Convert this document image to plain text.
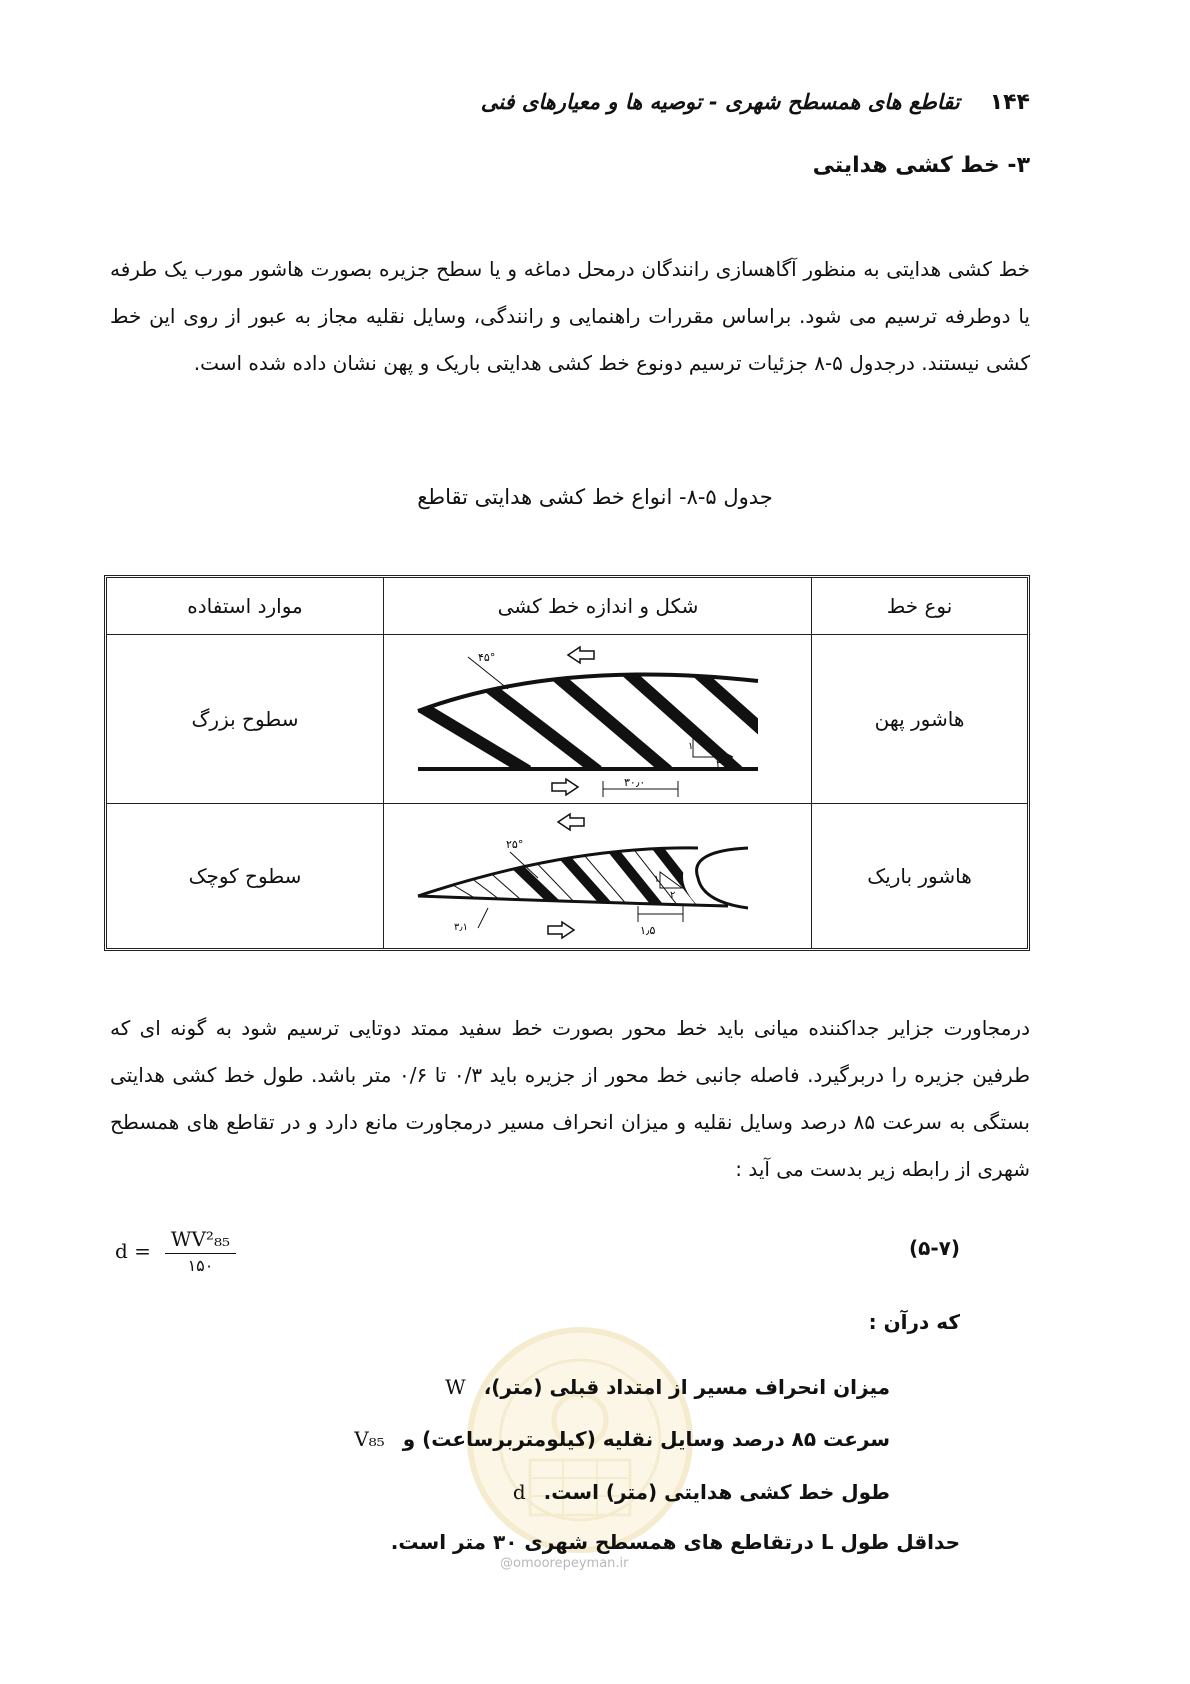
۱۴۴
تقاطع های همسطح شهری - توصیه ها و معیارهای فنی
۳- خط کشی هدایتی
خط کشی هدایتی به منظور آگاهسازی رانندگان درمحل دماغه و یا سطح جزیره بصورت هاشور مورب یک طرفه یا دوطرفه ترسیم می شود. براساس مقررات راهنمایی و رانندگی، وسایل نقلیه مجاز به عبور از روی این خط کشی نیستند. درجدول ۵-۸ جزئیات ترسیم دونوع خط کشی هدایتی باریک و پهن نشان داده شده است.
جدول ۵-۸- انواع خط کشی هدایتی تقاطع
نوع خط
شکل و اندازه خط کشی
موارد استفاده
هاشور پهن
۱
۲
۴۵°
۳۰٫۰
سطوح بزرگ
هاشور باریک
۱
۲
۲۵°
۳٫۱	۱٫۵
سطوح کوچک
درمجاورت جزایر جداکننده میانی باید خط محور بصورت خط سفید ممتد دوتایی ترسیم شود به گونه ای که طرفین جزیره را دربرگیرد. فاصله جانبی خط محور از جزیره باید ۰/۳ تا ۰/۶ متر باشد. طول خط کشی هدایتی بستگی به سرعت ۸۵ درصد وسایل نقلیه و میزان انحراف مسیر درمجاورت مانع دارد و در تقاطع های همسطح شهری از رابطه زیر بدست می آید :
$d = \frac{\text{WV²₈₅}}{۱۵۰}$	(۵-۷)
که درآن :
میزان انحراف مسیر از امتداد قبلی (متر)،
W
سرعت ۸۵ درصد وسایل نقلیه (کیلومتربرساعت) و
V₈₅
طول خط کشی هدایتی (متر) است.
d
حداقل طول L درتقاطع های همسطح شهری ۳۰ متر است.
@omoorepeyman.ir
